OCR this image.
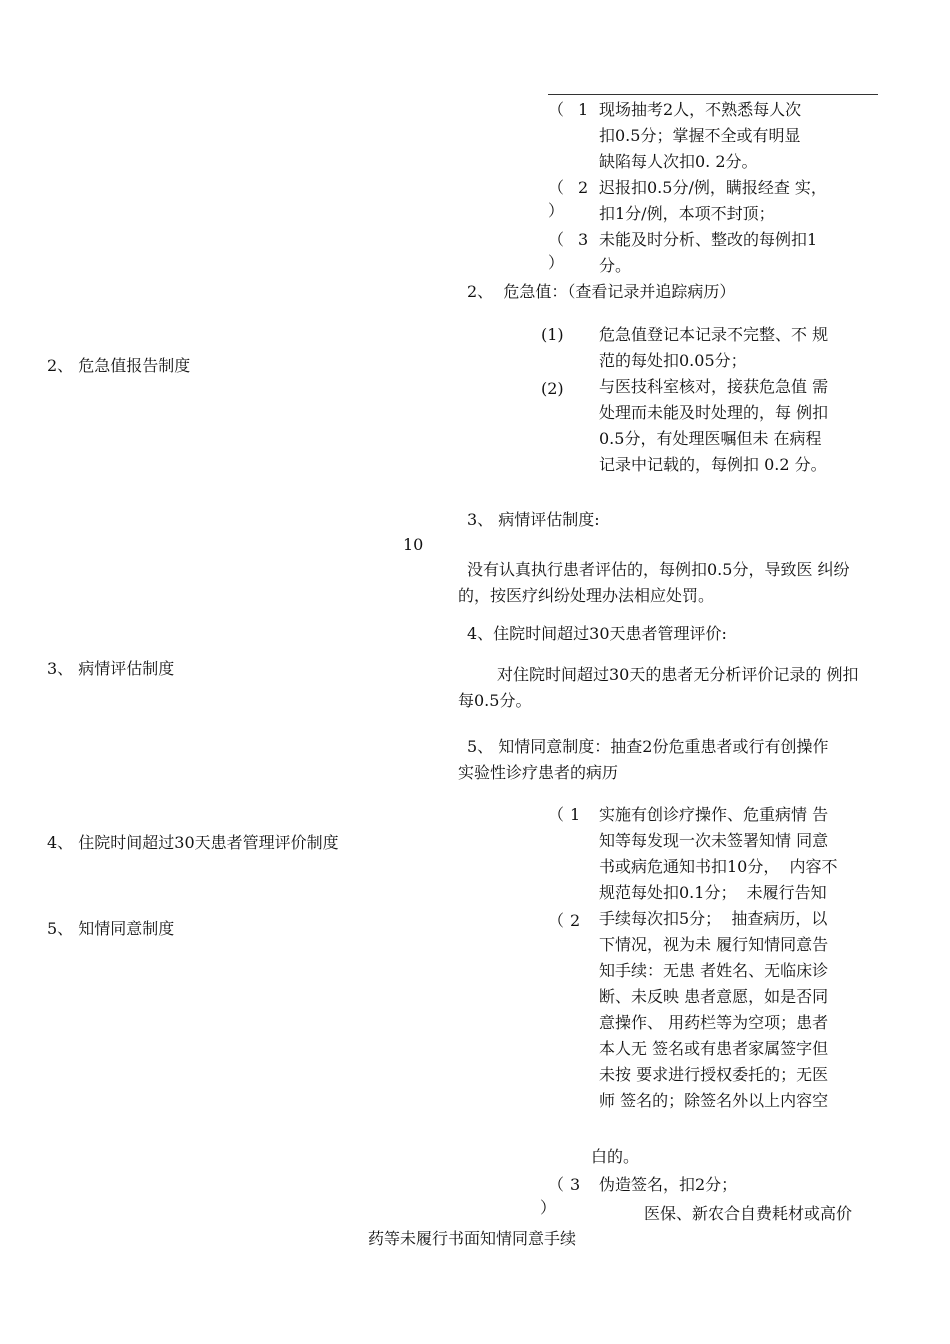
2、 危急值报告制度
3、 病情评估制度
4、 住院时间超过30天患者管理评价制度
5、 知情同意制度
10
（ 1 现场抽考2人，不熟悉每人次
扣0.5分；掌握不全或有明显
缺陷每人次扣0. 2分。
（ 2
）
迟报扣0.5分/例，瞒报经查 实，
扣1分/例，本项不封顶；
（ 3
）
未能及时分析、整改的每例扣1
分。
2、  危急值：（查看记录并追踪病历）
(1) 危急值登记本记录不完整、不 规
范的每处扣0.05分；
(2) 与医技科室核对，接获危急值 需
处理而未能及时处理的，每 例扣
0.5分，有处理医嘱但未 在病程
记录中记载的，每例扣 0.2 分。
3、 病情评估制度:
没有认真执行患者评估的，每例扣0.5分，导致医 纠纷
的，按医疗纠纷处理办法相应处罚。
4、住院时间超过30天患者管理评价:
对住院时间超过30天的患者无分析评价记录的 例扣
每0.5分。
5、 知情同意制度：抽查2份危重患者或行有创操作
实验性诊疗患者的病历
（ 1
（ 2
实施有创诊疗操作、危重病情 告
知等每发现一次未签署知情 同意
书或病危通知书扣10分，  内容不
规范每处扣0.1分；  未履行告知
手续每次扣5分；  抽查病历，以
下情况，视为未 履行知情同意告
知手续：无患 者姓名、无临床诊
断、未反映 患者意愿，如是否同
意操作、 用药栏等为空项；患者
本人无 签名或有患者家属签字但
未按 要求进行授权委托的；无医
师 签名的；除签名外以上内容空
白的。
（ 3
）
伪造签名，扣2分；
医保、新农合自费耗材或高价
药等未履行书面知情同意手续
